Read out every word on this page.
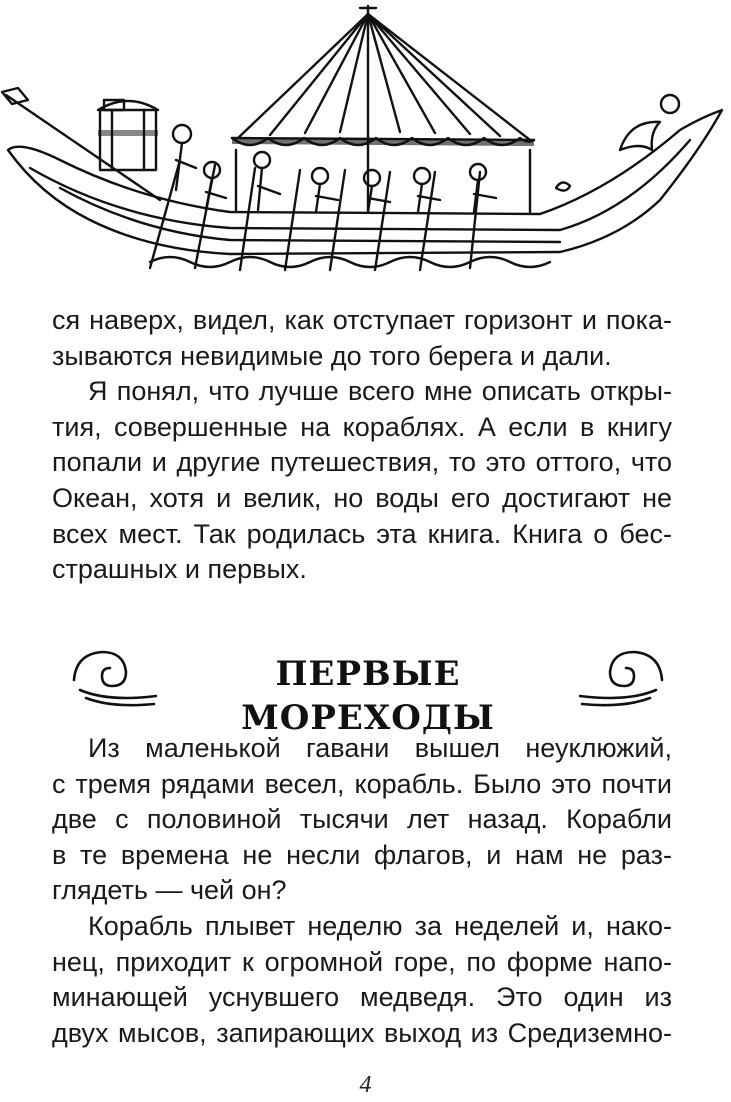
ся наверх, видел, как отступает горизонт и пока-
зываются невидимые до того берега и дали.
Я понял, что лучше всего мне описать откры-
тия, совершенные на кораблях. А если в книгу
попали и другие путешествия, то это оттого, что
Океан, хотя и велик, но воды его достигают не
всех мест. Так родилась эта книга. Книга о бес-
страшных и первых.
ПЕРВЫЕ МОРЕХОДЫ
Из маленькой гавани вышел неуклюжий,
с тремя рядами весел, корабль. Было это почти
две с половиной тысячи лет назад. Корабли
в те времена не несли флагов, и нам не раз-
глядеть — чей он?
Корабль плывет неделю за неделей и, нако-
нец, приходит к огромной горе, по форме напо-
минающей уснувшего медведя. Это один из
двух мысов, запирающих выход из Средиземно-
4
